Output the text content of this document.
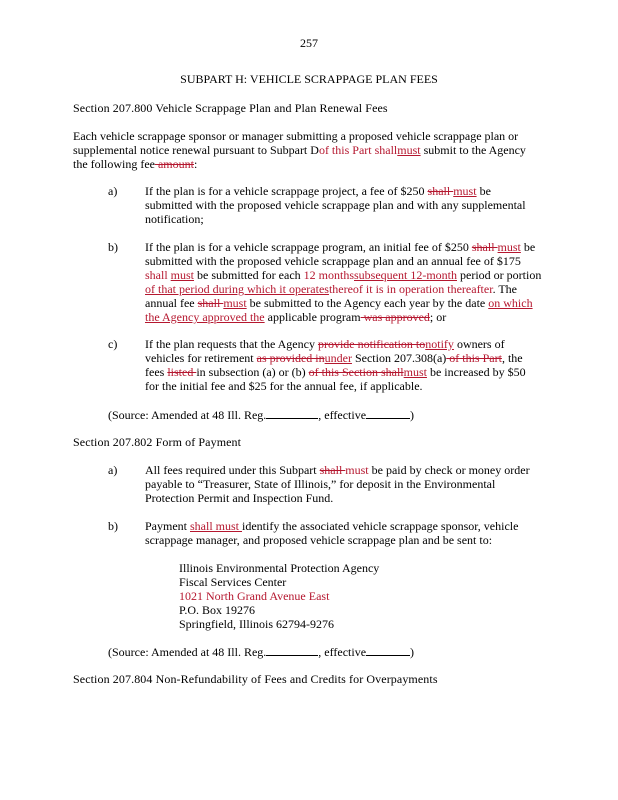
257
SUBPART H: VEHICLE SCRAPPAGE PLAN FEES
Section 207.800 Vehicle Scrappage Plan and Plan Renewal Fees
Each vehicle scrappage sponsor or manager submitting a proposed vehicle scrappage plan or
supplemental notice renewal pursuant to Subpart Dof this Part shallmust submit to the Agency
the following fee amount:
a) If the plan is for a vehicle scrappage project, a fee of $250 shall must be
submitted with the proposed vehicle scrappage plan and with any supplemental
notification;
b) If the plan is for a vehicle scrappage program, an initial fee of $250 shall must be
submitted with the proposed vehicle scrappage plan and an annual fee of $175
shall must be submitted for each 12 monthssubsequent 12-month period or portion
of that period during which it operatesthereof it is in operation thereafter. The
annual fee shall must be submitted to the Agency each year by the date on which
the Agency approved the applicable program was approved; or
c) If the plan requests that the Agency provide notification tonotify owners of
vehicles for retirement as provided inunder Section 207.308(a) of this Part, the
fees listed in subsection (a) or (b) of this Section shallmust be increased by $50
for the initial fee and $25 for the annual fee, if applicable.
(Source: Amended at 48 Ill. Reg.	, effective	)
Section 207.802 Form of Payment
a) All fees required under this Subpart shall must be paid by check or money order
payable to “Treasurer, State of Illinois,” for deposit in the Environmental
Protection Permit and Inspection Fund.
b) Payment shall must identify the associated vehicle scrappage sponsor, vehicle
scrappage manager, and proposed vehicle scrappage plan and be sent to:
Illinois Environmental Protection Agency
Fiscal Services Center
1021 North Grand Avenue East
P.O. Box 19276
Springfield, Illinois 62794-9276
(Source: Amended at 48 Ill. Reg.	, effective	)
Section 207.804 Non-Refundability of Fees and Credits for Overpayments
